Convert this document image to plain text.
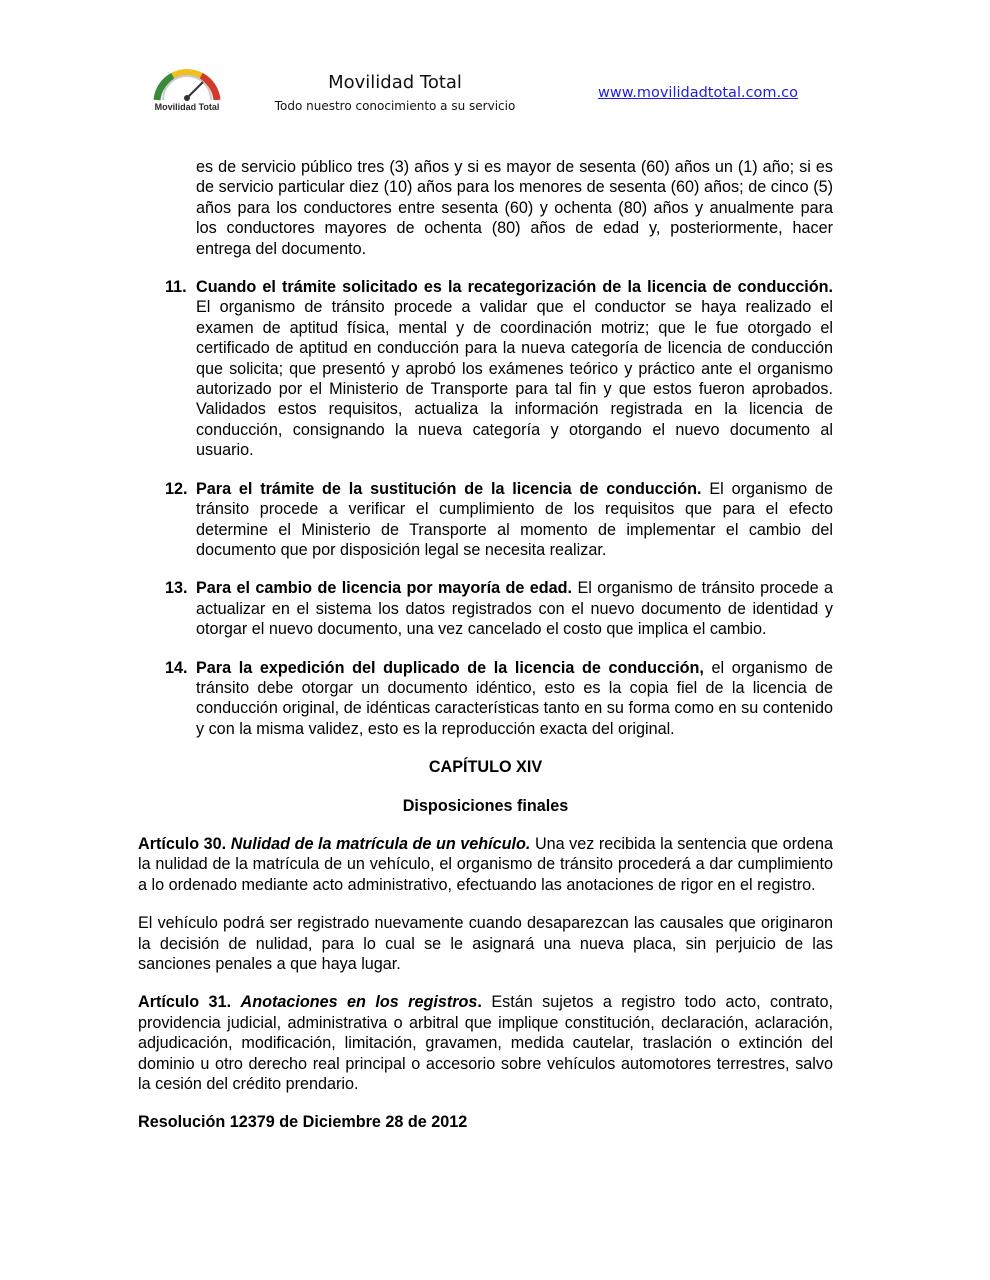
Movilidad Total
Movilidad Total
Todo nuestro conocimiento a su servicio
www.movilidadtotal.com.co

es de servicio público tres (3) años y si es mayor de sesenta (60) años un (1) año; si es de servicio particular diez (10) años para los menores de sesenta (60) años; de cinco (5) años para los conductores entre sesenta (60) y ochenta (80) años y anualmente para los conductores mayores de ochenta (80) años de edad y, posteriormente, hacer entrega del documento.

11. Cuando el trámite solicitado es la recategorización de la licencia de conducción. El organismo de tránsito procede a validar que el conductor se haya realizado el examen de aptitud física, mental y de coordinación motriz; que le fue otorgado el certificado de aptitud en conducción para la nueva categoría de licencia de conducción que solicita; que presentó y aprobó los exámenes teórico y práctico ante el organismo autorizado por el Ministerio de Transporte para tal fin y que estos fueron aprobados. Validados estos requisitos, actualiza la información registrada en la licencia de conducción, consignando la nueva categoría y otorgando el nuevo documento al usuario.

12. Para el trámite de la sustitución de la licencia de conducción. El organismo de tránsito procede a verificar el cumplimiento de los requisitos que para el efecto determine el Ministerio de Transporte al momento de implementar el cambio del documento que por disposición legal se necesita realizar.

13. Para el cambio de licencia por mayoría de edad. El organismo de tránsito procede a actualizar en el sistema los datos registrados con el nuevo documento de identidad y otorgar el nuevo documento, una vez cancelado el costo que implica el cambio.

14. Para la expedición del duplicado de la licencia de conducción, el organismo de tránsito debe otorgar un documento idéntico, esto es la copia fiel de la licencia de conducción original, de idénticas características tanto en su forma como en su contenido y con la misma validez, esto es la reproducción exacta del original.

CAPÍTULO XIV

Disposiciones finales

Artículo 30. Nulidad de la matrícula de un vehículo. Una vez recibida la sentencia que ordena la nulidad de la matrícula de un vehículo, el organismo de tránsito procederá a dar cumplimiento a lo ordenado mediante acto administrativo, efectuando las anotaciones de rigor en el registro.

El vehículo podrá ser registrado nuevamente cuando desaparezcan las causales que originaron la decisión de nulidad, para lo cual se le asignará una nueva placa, sin perjuicio de las sanciones penales a que haya lugar.

Artículo 31. Anotaciones en los registros. Están sujetos a registro todo acto, contrato, providencia judicial, administrativa o arbitral que implique constitución, declaración, aclaración, adjudicación, modificación, limitación, gravamen, medida cautelar, traslación o extinción del dominio u otro derecho real principal o accesorio sobre vehículos automotores terrestres, salvo la cesión del crédito prendario.

Resolución 12379 de Diciembre 28 de 2012
